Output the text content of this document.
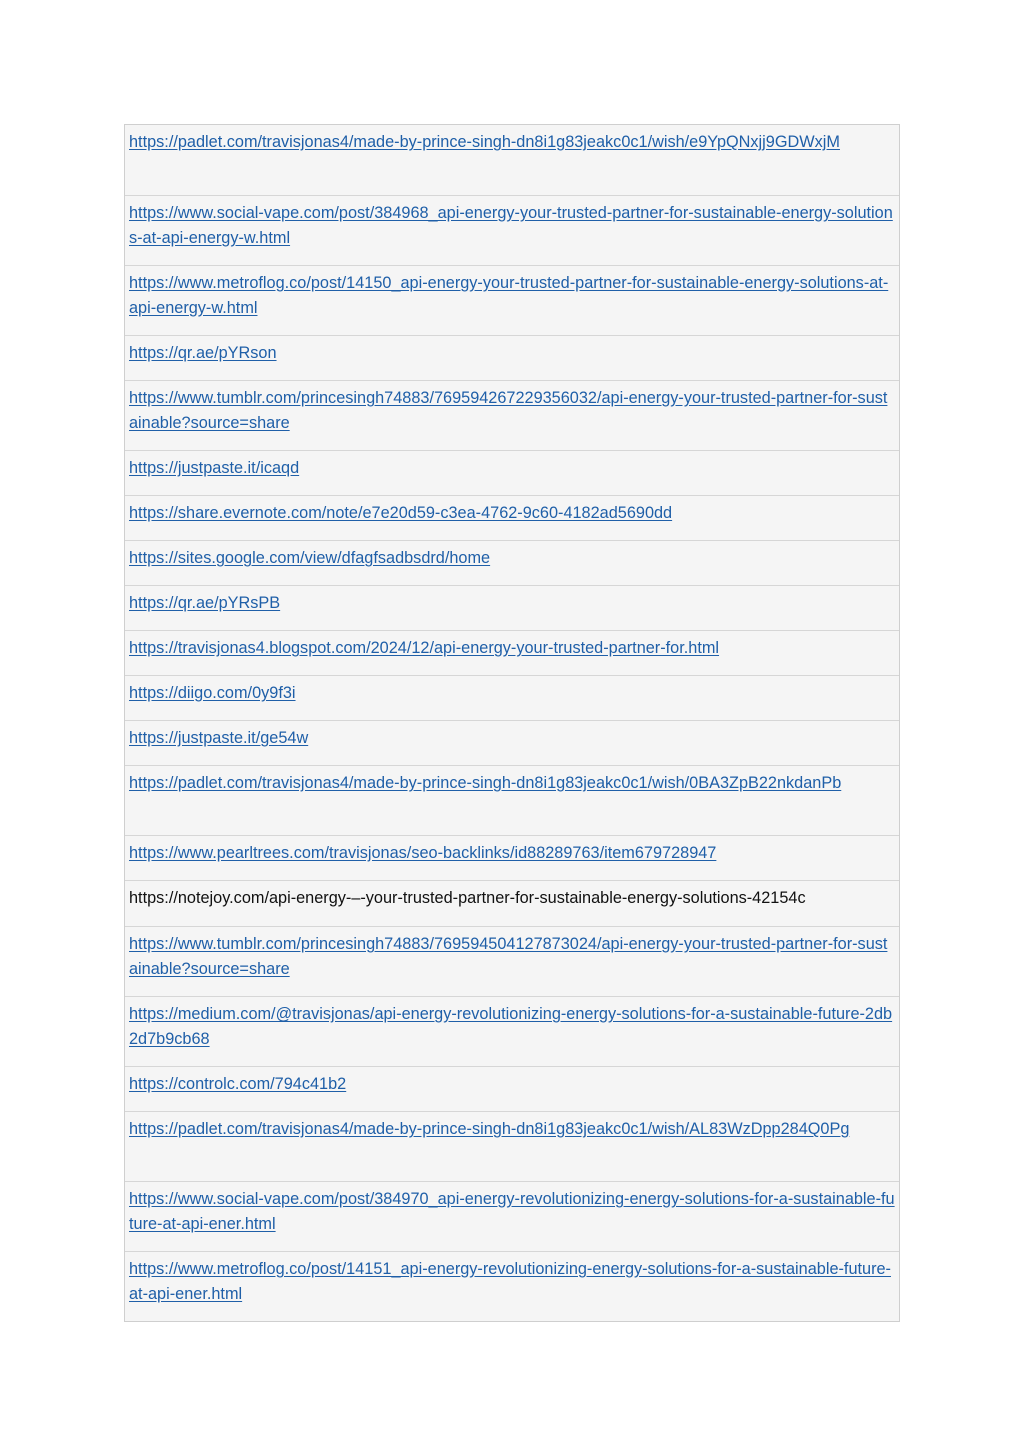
https://padlet.com/travisjonas4/made-by-prince-singh-dn8i1g83jeakc0c1/wish/e9YpQNxjj9GDWxjM
https://www.social-vape.com/post/384968_api-energy-your-trusted-partner-for-sustainable-energy-solutions-at-api-energy-w.html
https://www.metroflog.co/post/14150_api-energy-your-trusted-partner-for-sustainable-energy-solutions-at-api-energy-w.html
https://qr.ae/pYRson
https://www.tumblr.com/princesingh74883/769594267229356032/api-energy-your-trusted-partner-for-sustainable?source=share
https://justpaste.it/icaqd
https://share.evernote.com/note/e7e20d59-c3ea-4762-9c60-4182ad5690dd
https://sites.google.com/view/dfagfsadbsdrd/home
https://qr.ae/pYRsPB
https://travisjonas4.blogspot.com/2024/12/api-energy-your-trusted-partner-for.html
https://diigo.com/0y9f3i
https://justpaste.it/ge54w
https://padlet.com/travisjonas4/made-by-prince-singh-dn8i1g83jeakc0c1/wish/0BA3ZpB22nkdanPb
https://www.pearltrees.com/travisjonas/seo-backlinks/id88289763/item679728947
https://notejoy.com/api-energy-–-your-trusted-partner-for-sustainable-energy-solutions-42154c
https://www.tumblr.com/princesingh74883/769594504127873024/api-energy-your-trusted-partner-for-sustainable?source=share
https://medium.com/@travisjonas/api-energy-revolutionizing-energy-solutions-for-a-sustainable-future-2db2d7b9cb68
https://controlc.com/794c41b2
https://padlet.com/travisjonas4/made-by-prince-singh-dn8i1g83jeakc0c1/wish/AL83WzDpp284Q0Pg
https://www.social-vape.com/post/384970_api-energy-revolutionizing-energy-solutions-for-a-sustainable-future-at-api-ener.html
https://www.metroflog.co/post/14151_api-energy-revolutionizing-energy-solutions-for-a-sustainable-future-at-api-ener.html
